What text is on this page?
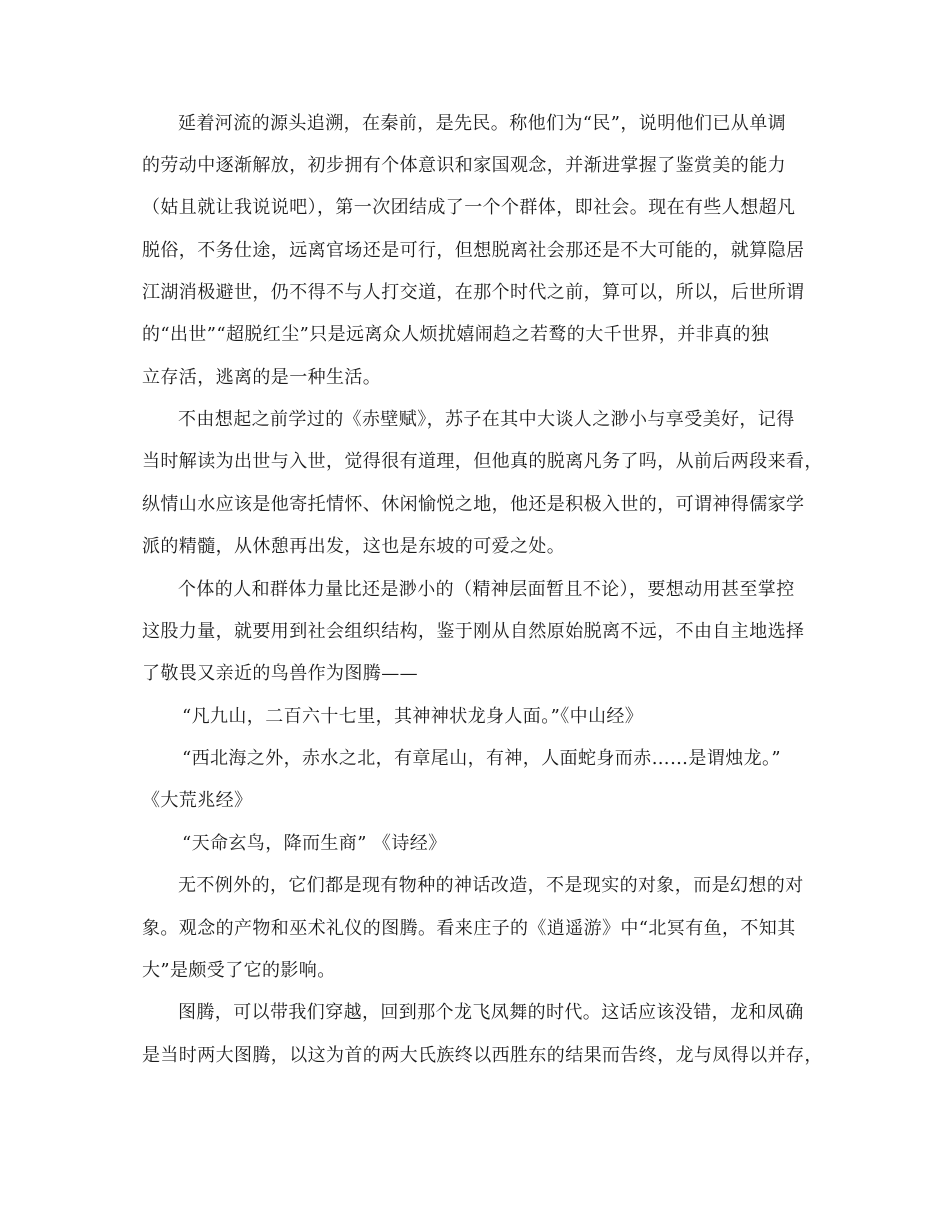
延着河流的源头追溯，在秦前，是先民。称他们为“民”，说明他们已从单调
的劳动中逐渐解放，初步拥有个体意识和家国观念，并渐进掌握了鉴赏美的能力
（姑且就让我说说吧），第一次团结成了一个个群体，即社会。现在有些人想超凡
脱俗，不务仕途，远离官场还是可行，但想脱离社会那还是不大可能的，就算隐居
江湖消极避世，仍不得不与人打交道，在那个时代之前，算可以，所以，后世所谓
的“出世”“超脱红尘”只是远离众人烦扰嬉闹趋之若鹜的大千世界，并非真的独
立存活，逃离的是一种生活。
不由想起之前学过的《赤壁赋》，苏子在其中大谈人之渺小与享受美好，记得
当时解读为出世与入世，觉得很有道理，但他真的脱离凡务了吗，从前后两段来看，
纵情山水应该是他寄托情怀、休闲愉悦之地，他还是积极入世的，可谓神得儒家学
派的精髓，从休憩再出发，这也是东坡的可爱之处。
个体的人和群体力量比还是渺小的（精神层面暂且不论），要想动用甚至掌控
这股力量，就要用到社会组织结构，鉴于刚从自然原始脱离不远，不由自主地选择
了敬畏又亲近的鸟兽作为图腾——
“凡九山，二百六十七里，其神神状龙身人面。”《中山经》
“西北海之外，赤水之北，有章尾山，有神，人面蛇身而赤……是谓烛龙。”
《大荒兆经》
“天命玄鸟，降而生商” 《诗经》
无不例外的，它们都是现有物种的神话改造，不是现实的对象，而是幻想的对
象。观念的产物和巫术礼仪的图腾。看来庄子的《逍遥游》中“北冥有鱼，不知其
大”是颇受了它的影响。
图腾，可以带我们穿越，回到那个龙飞凤舞的时代。这话应该没错，龙和凤确
是当时两大图腾，以这为首的两大氏族终以西胜东的结果而告终，龙与凤得以并存，
